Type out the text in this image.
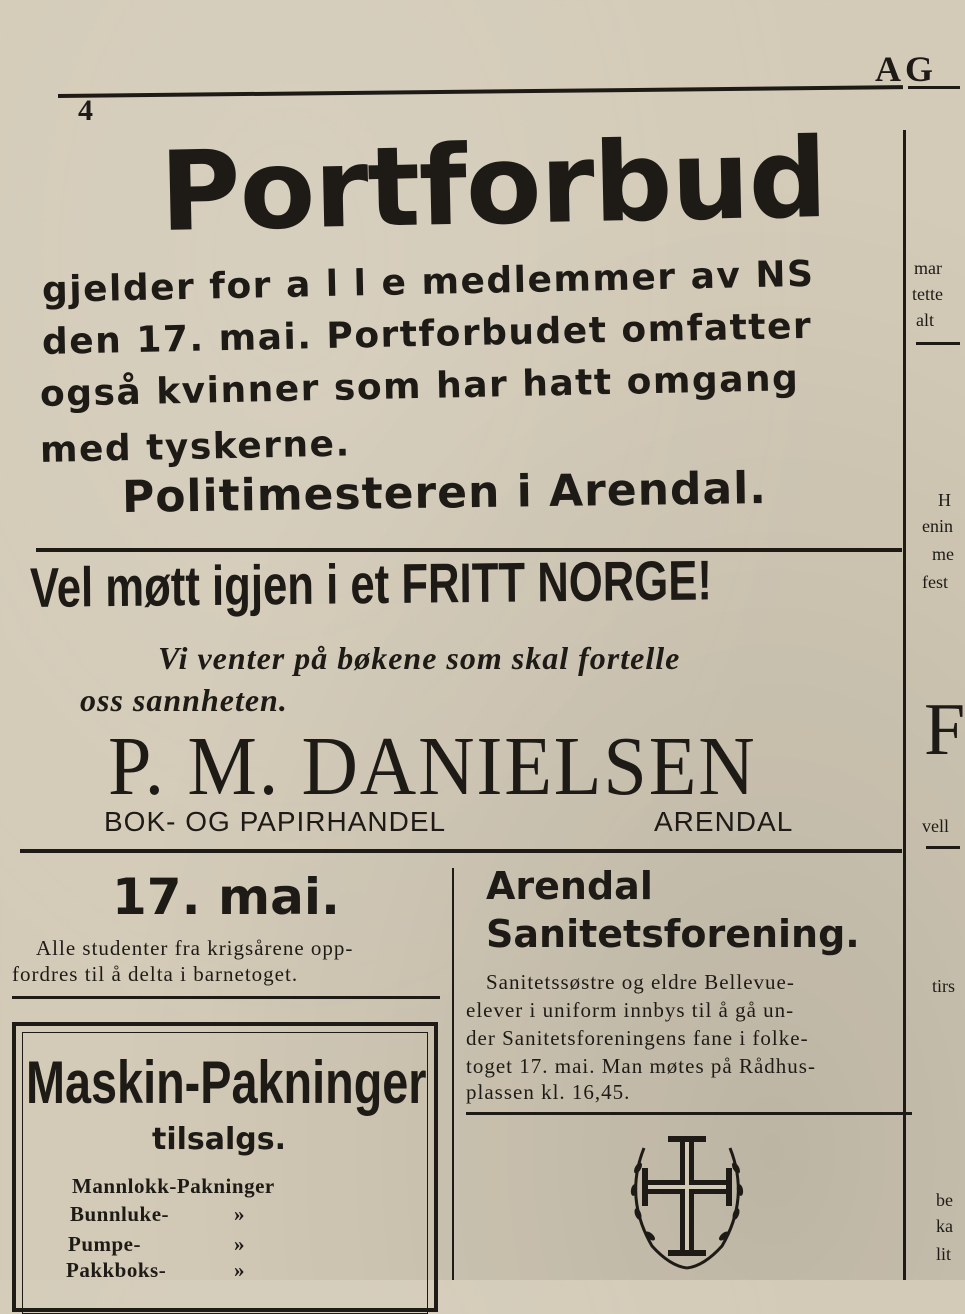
4
AG
Portforbud
gjelder for a l l e medlemmer av NS
den 17. mai. Portforbudet omfatter
også kvinner som har hatt omgang
med tyskerne.
Politimesteren i Arendal.
Vel møtt igjen i et FRITT NORGE!
Vi venter på bøkene som skal fortelle
oss sannheten.
P. M. DANIELSEN
BOK- OG PAPIRHANDEL	ARENDAL
17. mai.
Alle studenter fra krigsårene opp-
fordres til å delta i barnetoget.
Arendal Sanitetsforening.
Sanitetssøstre og eldre Bellevue-
elever i uniform innbys til å gå un-
der Sanitetsforeningens fane i folke-
toget 17. mai. Man møtes på Rådhus-
plassen kl. 16,45.
Maskin-Pakninger
tilsalgs.
Mannlokk-Pakninger
Bunnluke-	»
Pumpe-	»
Pakkboks-	»
mar
tette
alt
H
enin
me
fest
F
vell
tirs
be
ka
lit
